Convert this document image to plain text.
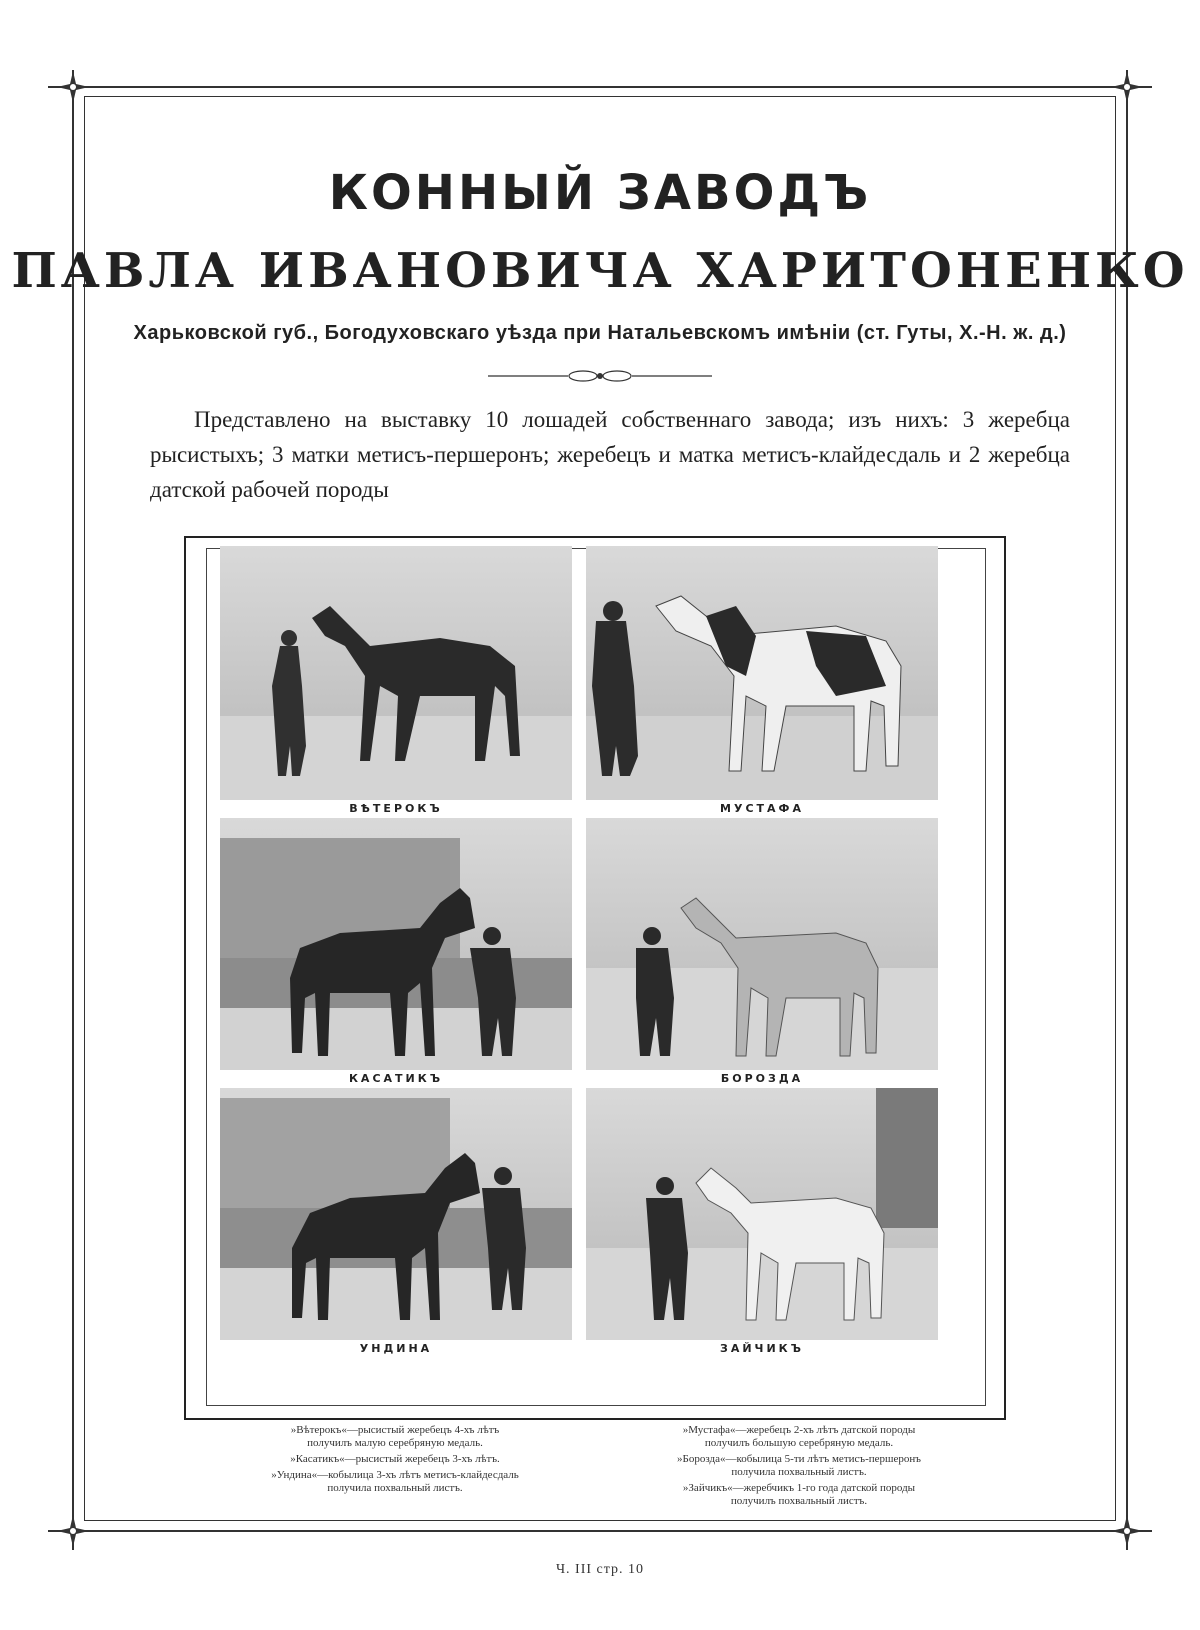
КОННЫЙ ЗАВОДЪ
ПАВЛА ИВАНОВИЧА ХАРИТОНЕНКО
Харьковской губ., Богодуховскаго уѣзда при Натальевскомъ имѣнiи (ст. Гуты, Х.-Н. ж. д.)

Представлено на выставку 10 лошадей собственнаго завода; изъ нихъ: 3 жеребца рысистыхъ; 3 матки метисъ-першеронъ; жеребецъ и матка метисъ-клайдесдаль и 2 жеребца датской рабочей породы

ВѢТЕРОКЪ	МУСТАФА
КАСАТИКЪ	БОРОЗДА
УНДИНА	ЗАЙЧИКЪ
»Вѣтерокъ«—рысистый жеребецъ 4-хъ лѣтъ
получилъ малую серебряную медаль.
»Касатикъ«—рысистый жеребецъ 3-хъ лѣтъ.
»Ундина«—кобылица 3-хъ лѣтъ метисъ-клайдесдаль
получила похвальный листъ.
»Мустафа«—жеребецъ 2-хъ лѣтъ датской породы
получилъ большую серебряную медаль.
»Борозда«—кобылица 5-ти лѣтъ метисъ-першеронъ
получила похвальный листъ.
»Зайчикъ«—жеребчикъ 1-го года датской породы
получилъ похвальный листъ.
Ч. III стр. 10
